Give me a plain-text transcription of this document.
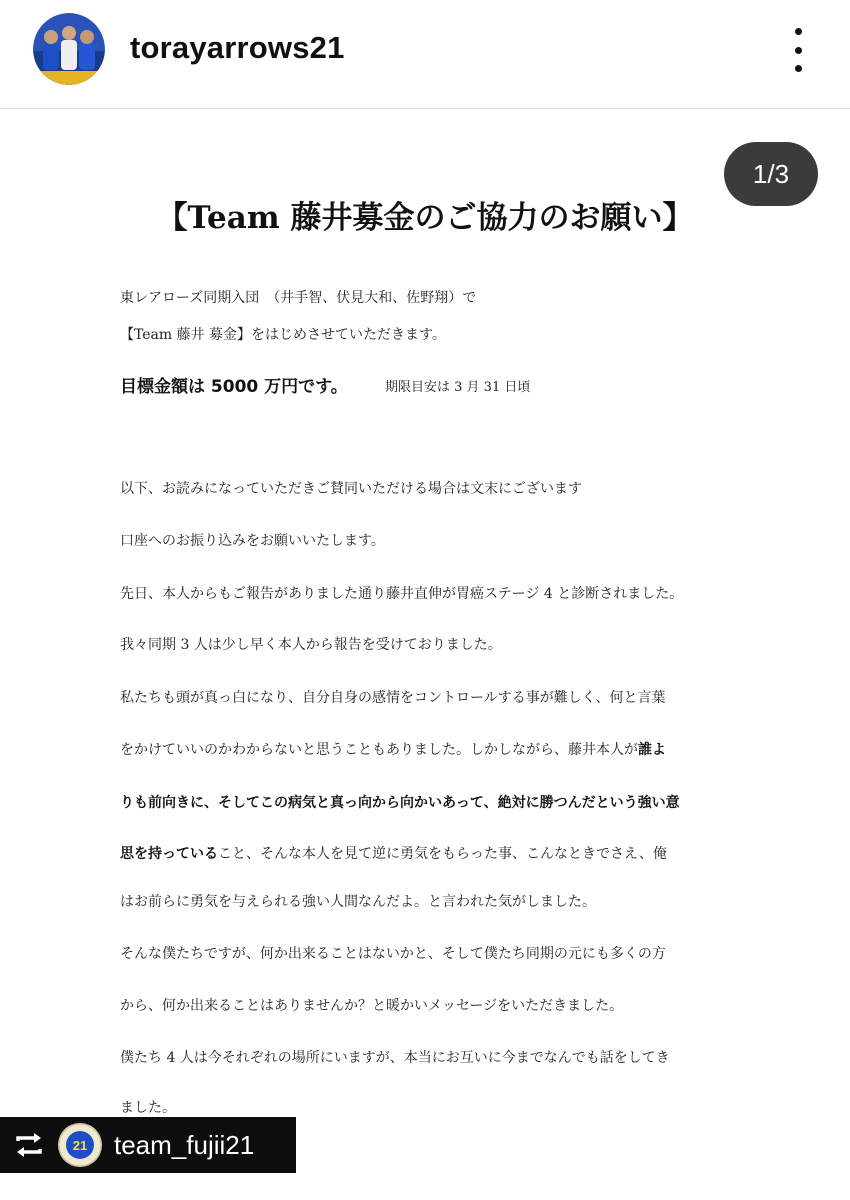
torayarrows21
1/3
【Team 藤井募金のご協力のお願い】
東レアローズ同期入団　（井手智、伏見大和、佐野翔）で
【Team 藤井 募金】をはじめさせていただきます。
目標金額は 5000 万円です。	期限目安は 3 月 31 日頃
以下、お読みになっていただきご賛同いただける場合は文末にございます
口座へのお振り込みをお願いいたします。
先日、本人からもご報告がありました通り藤井直伸が胃癌ステージ 4 と診断されました。
我々同期 3 人は少し早く本人から報告を受けておりました。
私たちも頭が真っ白になり、自分自身の感情をコントロールする事が難しく、何と言葉
をかけていいのかわからないと思うこともありました。しかしながら、藤井本人が誰よ
りも前向きに、そしてこの病気と真っ向から向かいあって、絶対に勝つんだという強い意
思を持っていること、そんな本人を見て逆に勇気をもらった事、こんなときでさえ、俺
はお前らに勇気を与えられる強い人間なんだよ。と言われた気がしました。
そんな僕たちですが、何か出来ることはないかと、そして僕たち同期の元にも多くの方
から、何か出来ることはありませんか？と暖かいメッセージをいただきました。
僕たち 4 人は今それぞれの場所にいますが、本当にお互いに今までなんでも話をしてき
ました。
21 team_fujii21
